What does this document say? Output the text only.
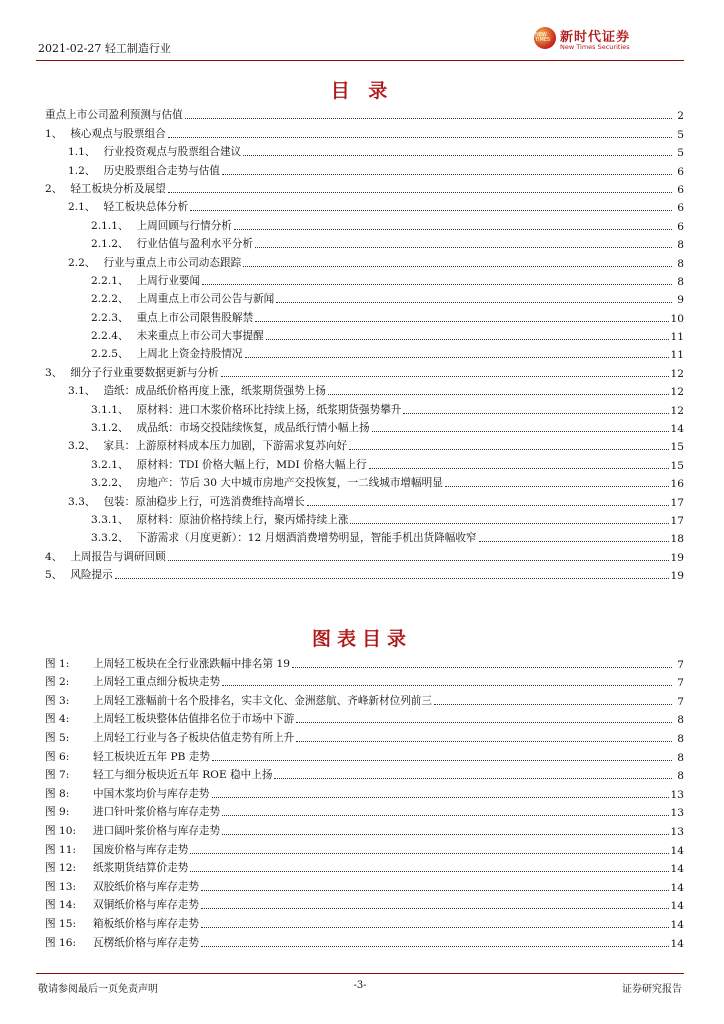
2021-02-27 轻工制造行业
NEW TIMES 新时代证券
New Times Securities
目 录
重点上市公司盈利预测与估值	2
1、 核心观点与股票组合	5
1.1、 行业投资观点与股票组合建议	5
1.2、 历史股票组合走势与估值	6
2、 轻工板块分析及展望	6
2.1、 轻工板块总体分析	6
2.1.1、 上周回顾与行情分析	6
2.1.2、 行业估值与盈利水平分析	8
2.2、 行业与重点上市公司动态跟踪	8
2.2.1、 上周行业要闻	8
2.2.2、 上周重点上市公司公告与新闻	9
2.2.3、 重点上市公司限售股解禁	10
2.2.4、 未来重点上市公司大事提醒	11
2.2.5、 上周北上资金持股情况	11
3、 细分子行业重要数据更新与分析	12
3.1、 造纸：成品纸价格再度上涨，纸浆期货强势上扬	12
3.1.1、 原材料：进口木浆价格环比持续上扬，纸浆期货强势攀升	12
3.1.2、 成品纸：市场交投陆续恢复，成品纸行情小幅上扬	14
3.2、 家具：上游原材料成本压力加剧，下游需求复苏向好	15
3.2.1、 原材料：TDI 价格大幅上行，MDI 价格大幅上行	15
3.2.2、 房地产：节后 30 大中城市房地产交投恢复，一二线城市增幅明显	16
3.3、 包装：原油稳步上行，可选消费维持高增长	17
3.3.1、 原材料：原油价格持续上行，聚丙烯持续上涨	17
3.3.2、 下游需求（月度更新）：12 月烟酒消费增势明显，智能手机出货降幅收窄	18
4、 上周报告与调研回顾	19
5、 风险提示	19
图表目录
图 1:	上周轻工板块在全行业涨跌幅中排名第 19	7
图 2:	上周轻工重点细分板块走势	7
图 3:	上周轻工涨幅前十名个股排名，实丰文化、金洲慈航、齐峰新材位列前三	7
图 4:	上周轻工板块整体估值排名位于市场中下游	8
图 5:	上周轻工行业与各子板块估值走势有所上升	8
图 6:	轻工板块近五年 PB 走势	8
图 7:	轻工与细分板块近五年 ROE 稳中上扬	8
图 8:	中国木浆均价与库存走势	13
图 9:	进口针叶浆价格与库存走势	13
图 10:	进口阔叶浆价格与库存走势	13
图 11:	国废价格与库存走势	14
图 12:	纸浆期货结算价走势	14
图 13:	双胶纸价格与库存走势	14
图 14:	双铜纸价格与库存走势	14
图 15:	箱板纸价格与库存走势	14
图 16:	瓦楞纸价格与库存走势	14
敬请参阅最后一页免责声明	-3-	证券研究报告
